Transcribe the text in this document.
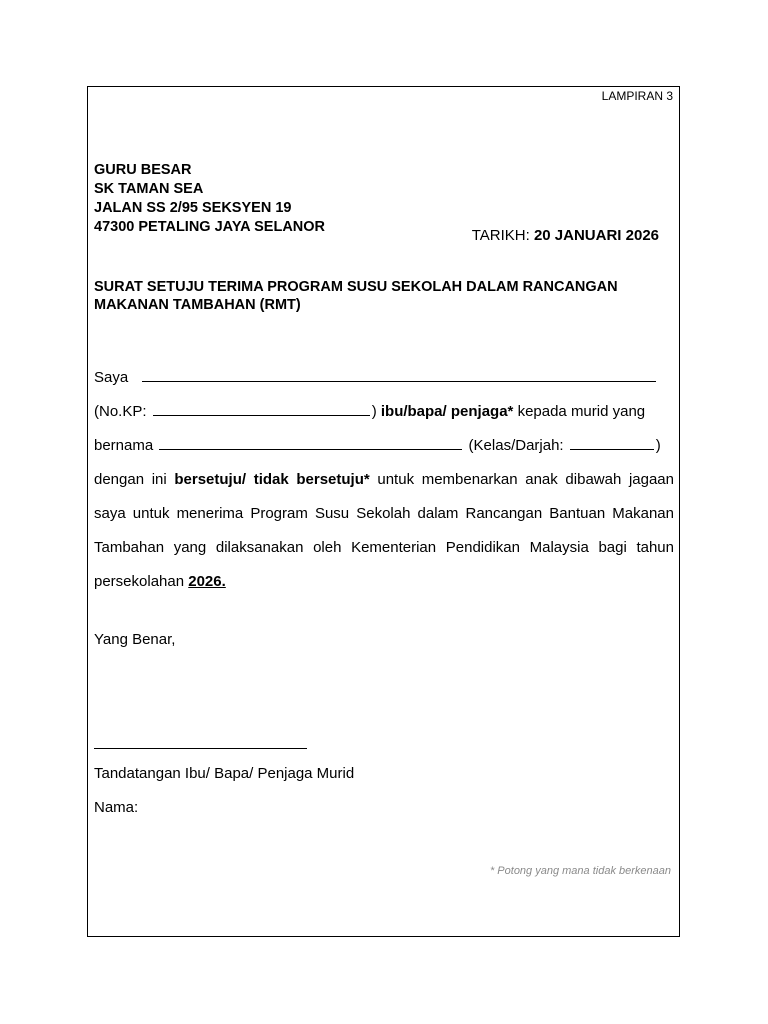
LAMPIRAN 3
GURU BESAR
SK TAMAN SEA
JALAN SS 2/95 SEKSYEN 19
47300 PETALING JAYA SELANOR	TARIKH: 20 JANUARI 2026
SURAT SETUJU TERIMA PROGRAM SUSU SEKOLAH DALAM RANCANGAN
MAKANAN TAMBAHAN (RMT)
Saya
(No.KP:	) ibu/bapa/ penjaga* kepada murid yang
bernama	(Kelas/Darjah:	)
dengan ini bersetuju/ tidak bersetuju* untuk membenarkan anak dibawah jagaan
saya untuk menerima Program Susu Sekolah dalam Rancangan Bantuan Makanan
Tambahan yang dilaksanakan oleh Kementerian Pendidikan Malaysia bagi tahun
persekolahan 2026.
Yang Benar,
Tandatangan Ibu/ Bapa/ Penjaga Murid
Nama:
* Potong yang mana tidak berkenaan
